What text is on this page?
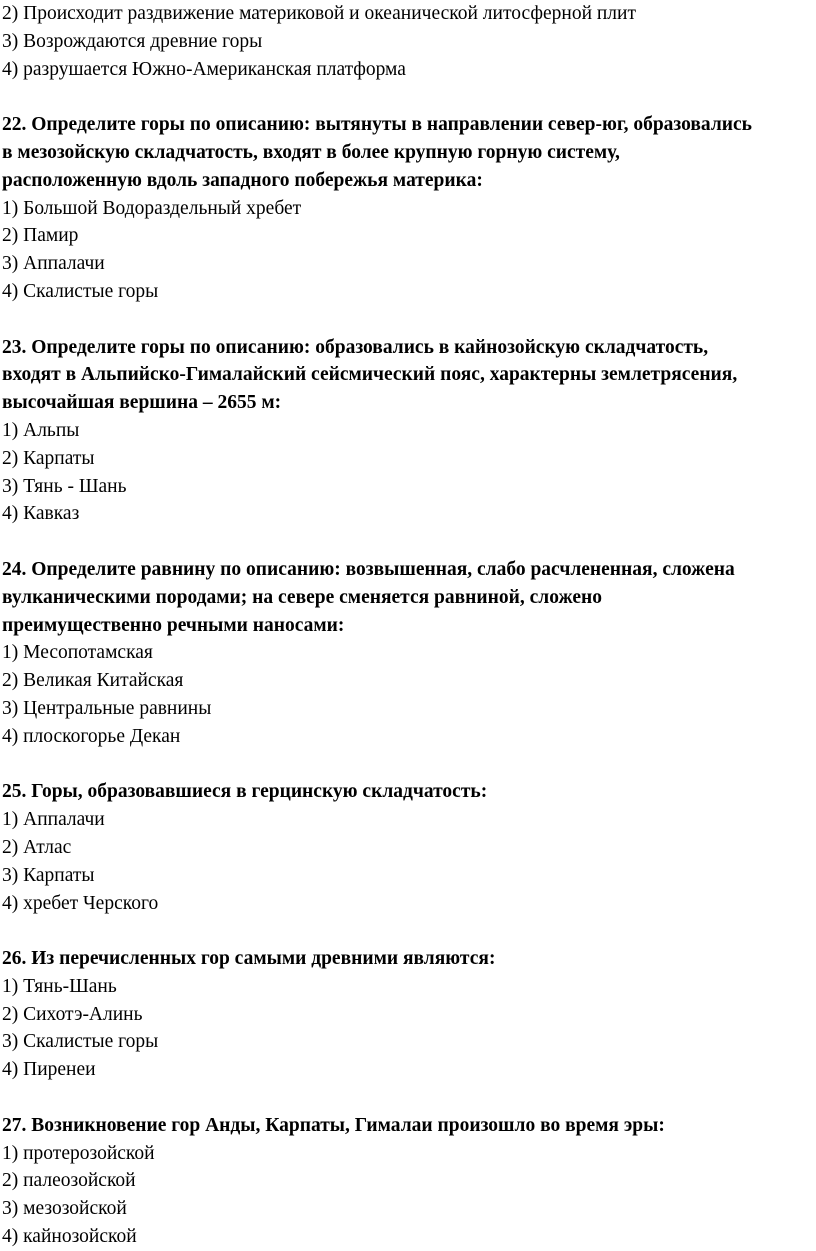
2) Происходит раздвижение материковой и океанической литосферной плит
3) Возрождаются древние горы
4) разрушается Южно-Американская платформа
22. Определите горы по описанию: вытянуты в направлении север-юг, образовались
в мезозойскую складчатость, входят в более крупную горную систему,
расположенную вдоль западного побережья материка:
1) Большой Водораздельный хребет
2) Памир
3) Аппалачи
4) Скалистые горы
23. Определите горы по описанию: образовались в кайнозойскую складчатость,
входят в Альпийско-Гималайский сейсмический пояс, характерны землетрясения,
высочайшая вершина – 2655 м:
1) Альпы
2) Карпаты
3) Тянь - Шань
4) Кавказ
24. Определите равнину по описанию: возвышенная, слабо расчлененная, сложена
вулканическими породами; на севере сменяется равниной, сложено
преимущественно речными наносами:
1) Месопотамская
2) Великая Китайская
3) Центральные равнины
4) плоскогорье Декан
25. Горы, образовавшиеся в герцинскую складчатость:
1) Аппалачи
2) Атлас
3) Карпаты
4) хребет Черского
26. Из перечисленных гор самыми древними являются:
1) Тянь-Шань
2) Сихотэ-Алинь
3) Скалистые горы
4) Пиренеи
27. Возникновение гор Анды, Карпаты, Гималаи произошло во время эры:
1) протерозойской
2) палеозойской
3) мезозойской
4) кайнозойской
